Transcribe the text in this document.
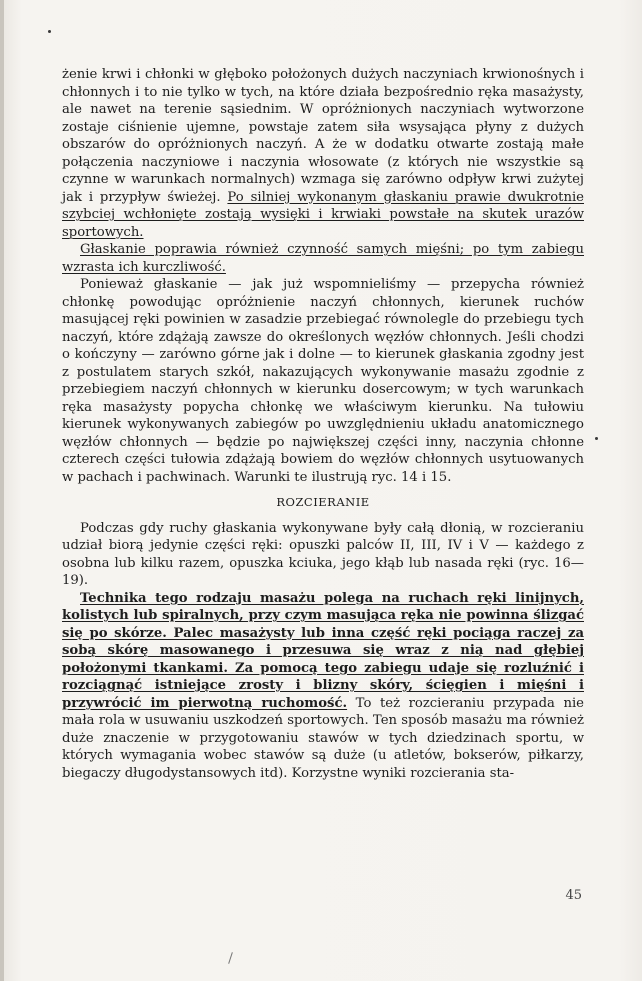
żenie krwi i chłonki w głęboko położonych dużych naczyniach krwionośnych i chłonnych i to nie tylko w tych, na które działa bezpośrednio ręka masażysty, ale nawet na terenie sąsiednim. W opróżnionych naczyniach wytworzone zostaje ciśnienie ujemne, powstaje zatem siła wsysająca płyny z dużych obszarów do opróżnionych naczyń. A że w dodatku otwarte zostają małe połączenia naczyniowe i naczynia włosowate (z których nie wszystkie są czynne w warunkach normalnych) wzmaga się zarówno odpływ krwi zużytej jak i przypływ świeżej. Po silniej wykonanym głaskaniu prawie dwukrotnie szybciej wchłonięte zostają wysięki i krwiaki powstałe na skutek urazów sportowych.

Głaskanie poprawia również czynność samych mięśni; po tym zabiegu wzrasta ich kurczliwość.

Ponieważ głaskanie — jak już wspomnieliśmy — przepycha również chłonkę powodując opróżnienie naczyń chłonnych, kierunek ruchów masującej ręki powinien w zasadzie przebiegać równolegle do przebiegu tych naczyń, które zdążają zawsze do określonych węzłów chłonnych. Jeśli chodzi o kończyny — zarówno górne jak i dolne — to kierunek głaskania zgodny jest z postulatem starych szkół, nakazujących wykonywanie masażu zgodnie z przebiegiem naczyń chłonnych w kierunku dosercowym; w tych warunkach ręka masażysty popycha chłonkę we właściwym kierunku. Na tułowiu kierunek wykonywanych zabiegów po uwzględnieniu układu anatomicznego węzłów chłonnych — będzie po największej części inny, naczynia chłonne czterech części tułowia zdążają bowiem do węzłów chłonnych usytuowanych w pachach i pachwinach. Warunki te ilustrują ryc. 14 i 15.

ROZCIERANIE

Podczas gdy ruchy głaskania wykonywane były całą dłonią, w rozcieraniu udział biorą jedynie części ręki: opuszki palców II, III, IV i V — każdego z osobna lub kilku razem, opuszka kciuka, jego kłąb lub nasada ręki (ryc. 16—19).

Technika tego rodzaju masażu polega na ruchach ręki linijnych, kolistych lub spiralnych, przy czym masująca ręka nie powinna ślizgać się po skórze. Palec masażysty lub inna część ręki pociąga raczej za sobą skórę masowanego i przesuwa się wraz z nią nad głębiej położonymi tkankami. Za pomocą tego zabiegu udaje się rozluźnić i rozciągnąć istniejące zrosty i blizny skóry, ścięgien i mięśni i przywrócić im pierwotną ruchomość. To też rozcieraniu przypada nie mała rola w usuwaniu uszkodzeń sportowych. Ten sposób masażu ma również duże znaczenie w przygotowaniu stawów w tych dziedzinach sportu, w których wymagania wobec stawów są duże (u atletów, bokserów, piłkarzy, biegaczy długodystansowych itd). Korzystne wyniki rozcierania sta-

45
